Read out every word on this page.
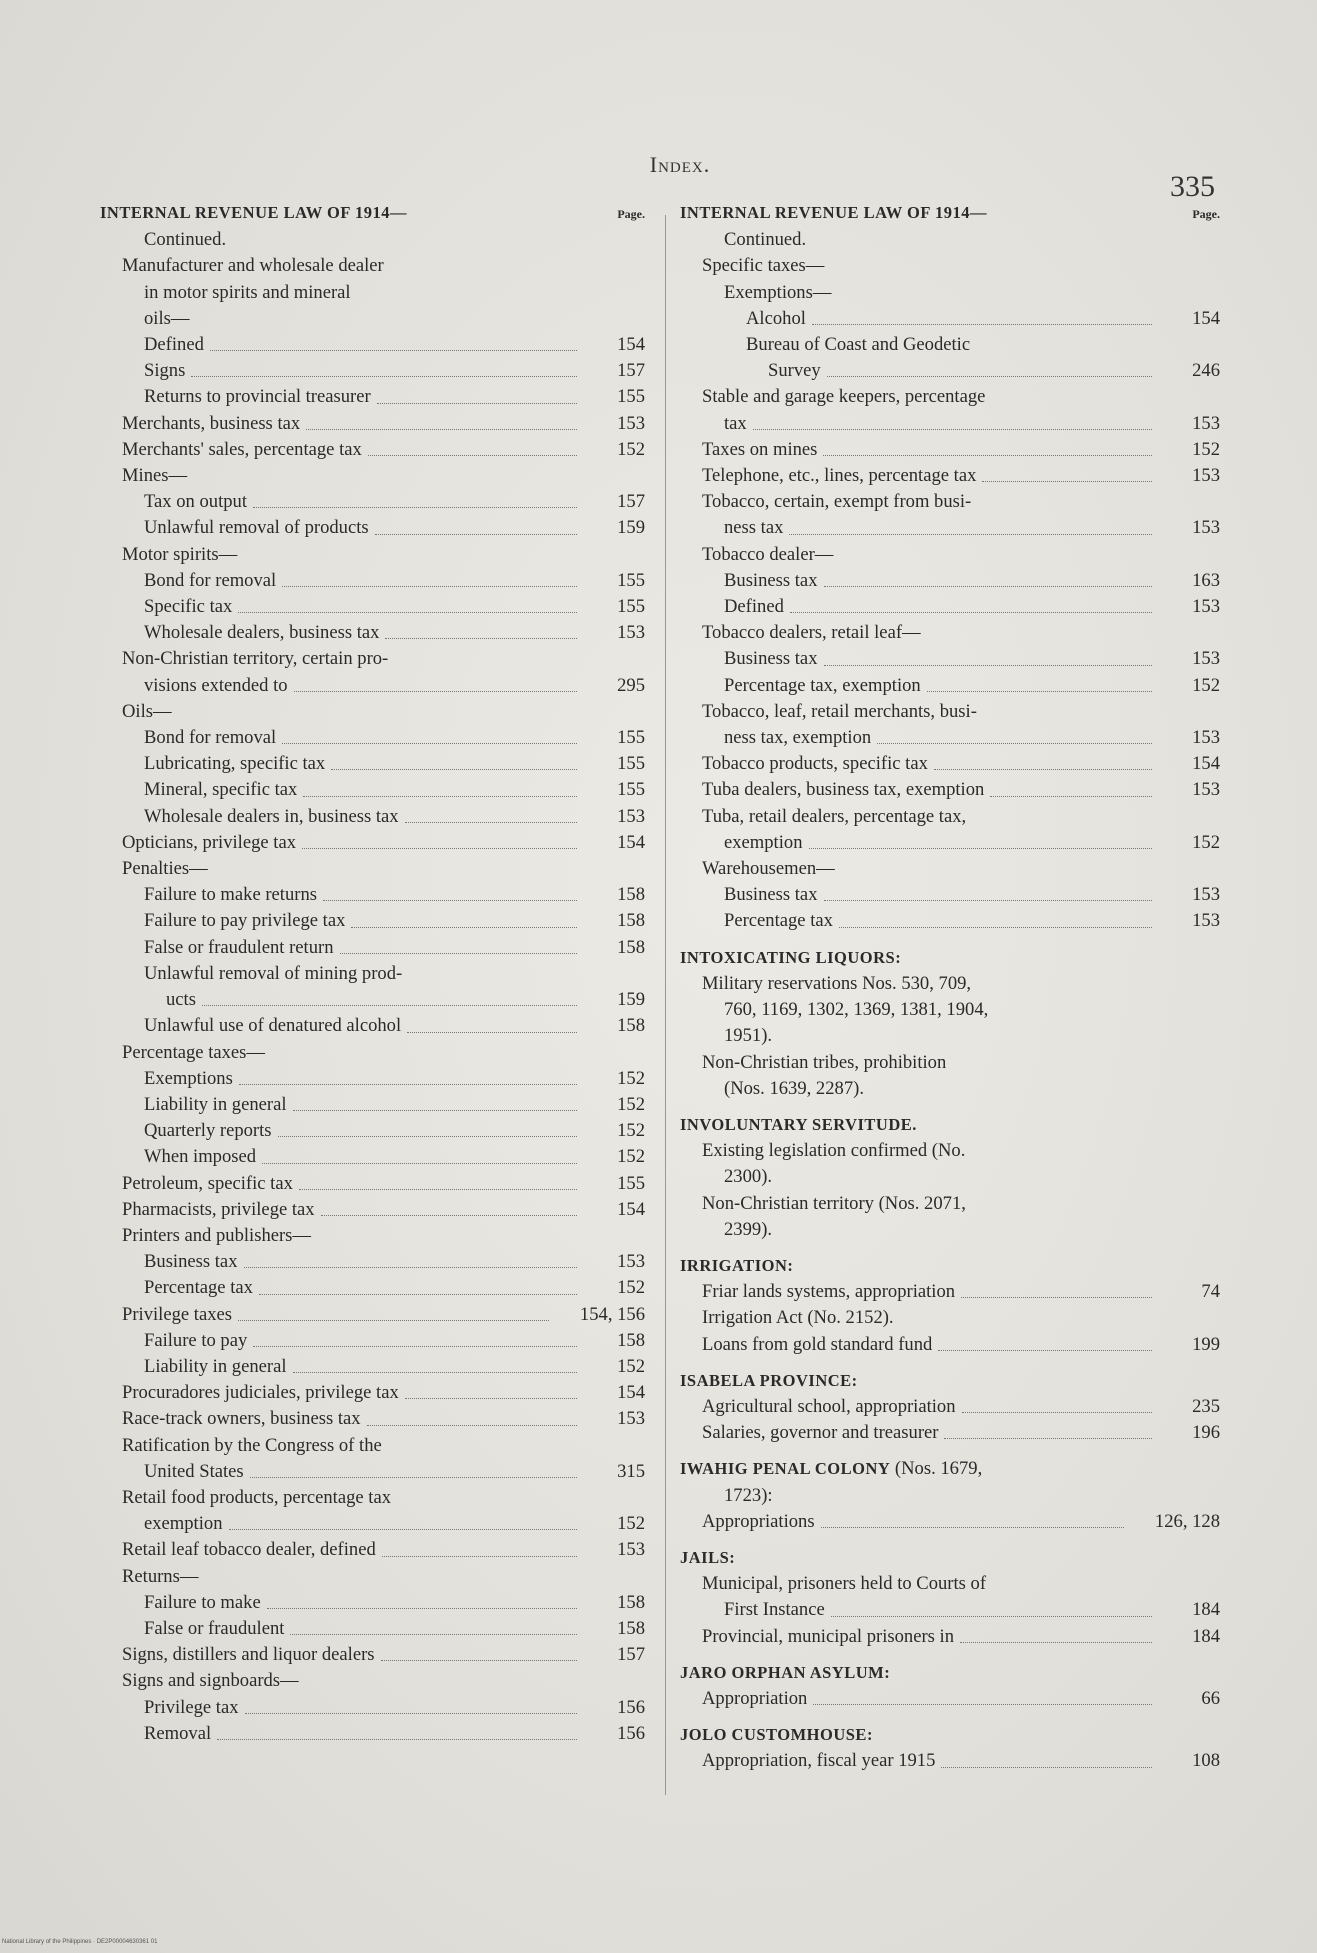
Index.
335
INTERNAL REVENUE LAW OF 1914—	Page.
Continued.
Manufacturer and wholesale dealer
in motor spirits and mineral
oils—
Defined	154
Signs	157
Returns to provincial treasurer	155
Merchants, business tax	153
Merchants' sales, percentage tax	152
Mines—
Tax on output	157
Unlawful removal of products	159
Motor spirits—
Bond for removal	155
Specific tax	155
Wholesale dealers, business tax	153
Non-Christian territory, certain pro-
visions extended to	295
Oils—
Bond for removal	155
Lubricating, specific tax	155
Mineral, specific tax	155
Wholesale dealers in, business tax	153
Opticians, privilege tax	154
Penalties—
Failure to make returns	158
Failure to pay privilege tax	158
False or fraudulent return	158
Unlawful removal of mining prod-
ucts	159
Unlawful use of denatured alcohol	158
Percentage taxes—
Exemptions	152
Liability in general	152
Quarterly reports	152
When imposed	152
Petroleum, specific tax	155
Pharmacists, privilege tax	154
Printers and publishers—
Business tax	153
Percentage tax	152
Privilege taxes	154, 156
Failure to pay	158
Liability in general	152
Procuradores judiciales, privilege tax	154
Race-track owners, business tax	153
Ratification by the Congress of the
United States	315
Retail food products, percentage tax
exemption	152
Retail leaf tobacco dealer, defined	153
Returns—
Failure to make	158
False or fraudulent	158
Signs, distillers and liquor dealers	157
Signs and signboards—
Privilege tax	156
Removal	156
INTERNAL REVENUE LAW OF 1914—	Page.
Continued.
Specific taxes—
Exemptions—
Alcohol	154
Bureau of Coast and Geodetic
Survey	246
Stable and garage keepers, percentage
tax	153
Taxes on mines	152
Telephone, etc., lines, percentage tax	153
Tobacco, certain, exempt from busi-
ness tax	153
Tobacco dealer—
Business tax	163
Defined	153
Tobacco dealers, retail leaf—
Business tax	153
Percentage tax, exemption	152
Tobacco, leaf, retail merchants, busi-
ness tax, exemption	153
Tobacco products, specific tax	154
Tuba dealers, business tax, exemption	153
Tuba, retail dealers, percentage tax,
exemption	152
Warehousemen—
Business tax	153
Percentage tax	153
INTOXICATING LIQUORS:
Military reservations Nos. 530, 709,
760, 1169, 1302, 1369, 1381, 1904,
1951).
Non-Christian tribes, prohibition
(Nos. 1639, 2287).
INVOLUNTARY SERVITUDE.
Existing legislation confirmed (No.
2300).
Non-Christian territory (Nos. 2071,
2399).
IRRIGATION:
Friar lands systems, appropriation	74
Irrigation Act (No. 2152).
Loans from gold standard fund	199
ISABELA PROVINCE:
Agricultural school, appropriation	235
Salaries, governor and treasurer	196
IWAHIG PENAL COLONY (Nos. 1679,
1723):
Appropriations	126, 128
JAILS:
Municipal, prisoners held to Courts of
First Instance	184
Provincial, municipal prisoners in	184
JARO ORPHAN ASYLUM:
Appropriation	66
JOLO CUSTOMHOUSE:
Appropriation, fiscal year 1915	108
National Library of the Philippines · DE2P00004630361 01
